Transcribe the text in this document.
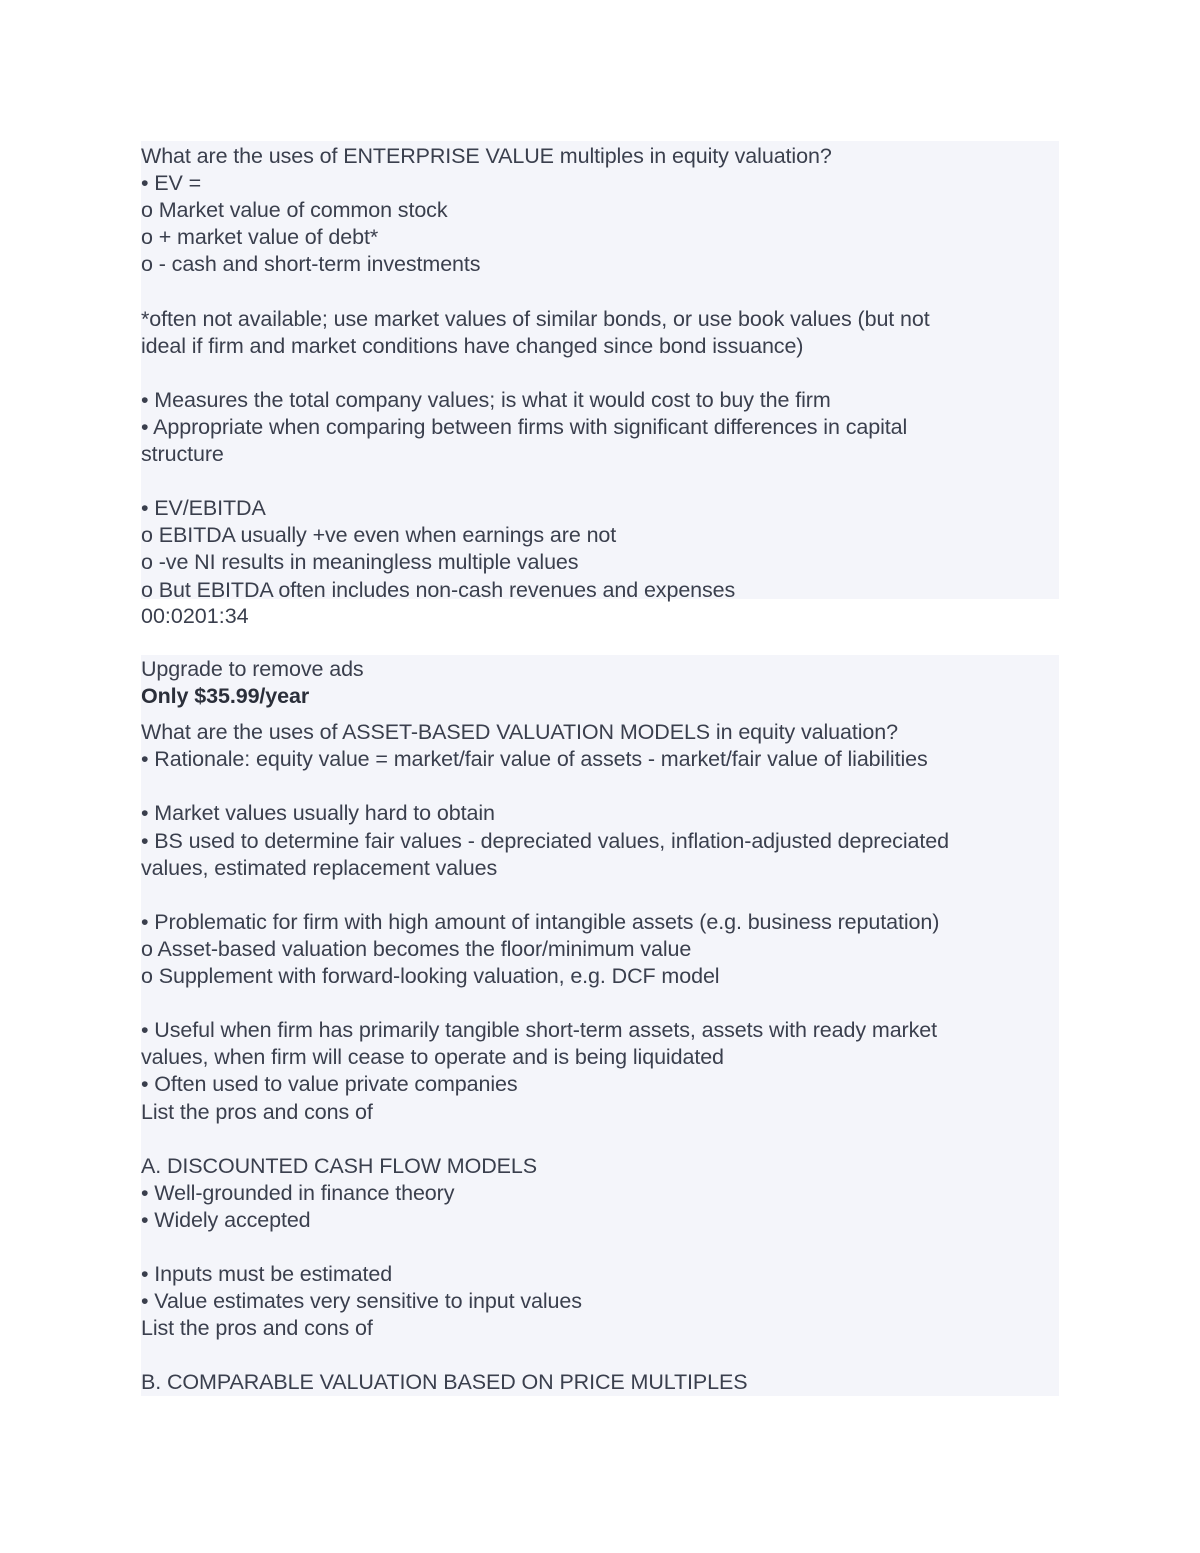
What are the uses of ENTERPRISE VALUE multiples in equity valuation?
• EV =
o Market value of common stock
o + market value of debt*
o - cash and short-term investments
*often not available; use market values of similar bonds, or use book values (but not
ideal if firm and market conditions have changed since bond issuance)
• Measures the total company values; is what it would cost to buy the firm
• Appropriate when comparing between firms with significant differences in capital
structure
• EV/EBITDA
o EBITDA usually +ve even when earnings are not
o -ve NI results in meaningless multiple values
o But EBITDA often includes non-cash revenues and expenses
00:0201:34
Upgrade to remove ads
Only $35.99/year
What are the uses of ASSET-BASED VALUATION MODELS in equity valuation?
• Rationale: equity value = market/fair value of assets - market/fair value of liabilities
• Market values usually hard to obtain
• BS used to determine fair values - depreciated values, inflation-adjusted depreciated
values, estimated replacement values
• Problematic for firm with high amount of intangible assets (e.g. business reputation)
o Asset-based valuation becomes the floor/minimum value
o Supplement with forward-looking valuation, e.g. DCF model
• Useful when firm has primarily tangible short-term assets, assets with ready market
values, when firm will cease to operate and is being liquidated
• Often used to value private companies
List the pros and cons of
A. DISCOUNTED CASH FLOW MODELS
• Well-grounded in finance theory
• Widely accepted
• Inputs must be estimated
• Value estimates very sensitive to input values
List the pros and cons of
B. COMPARABLE VALUATION BASED ON PRICE MULTIPLES
